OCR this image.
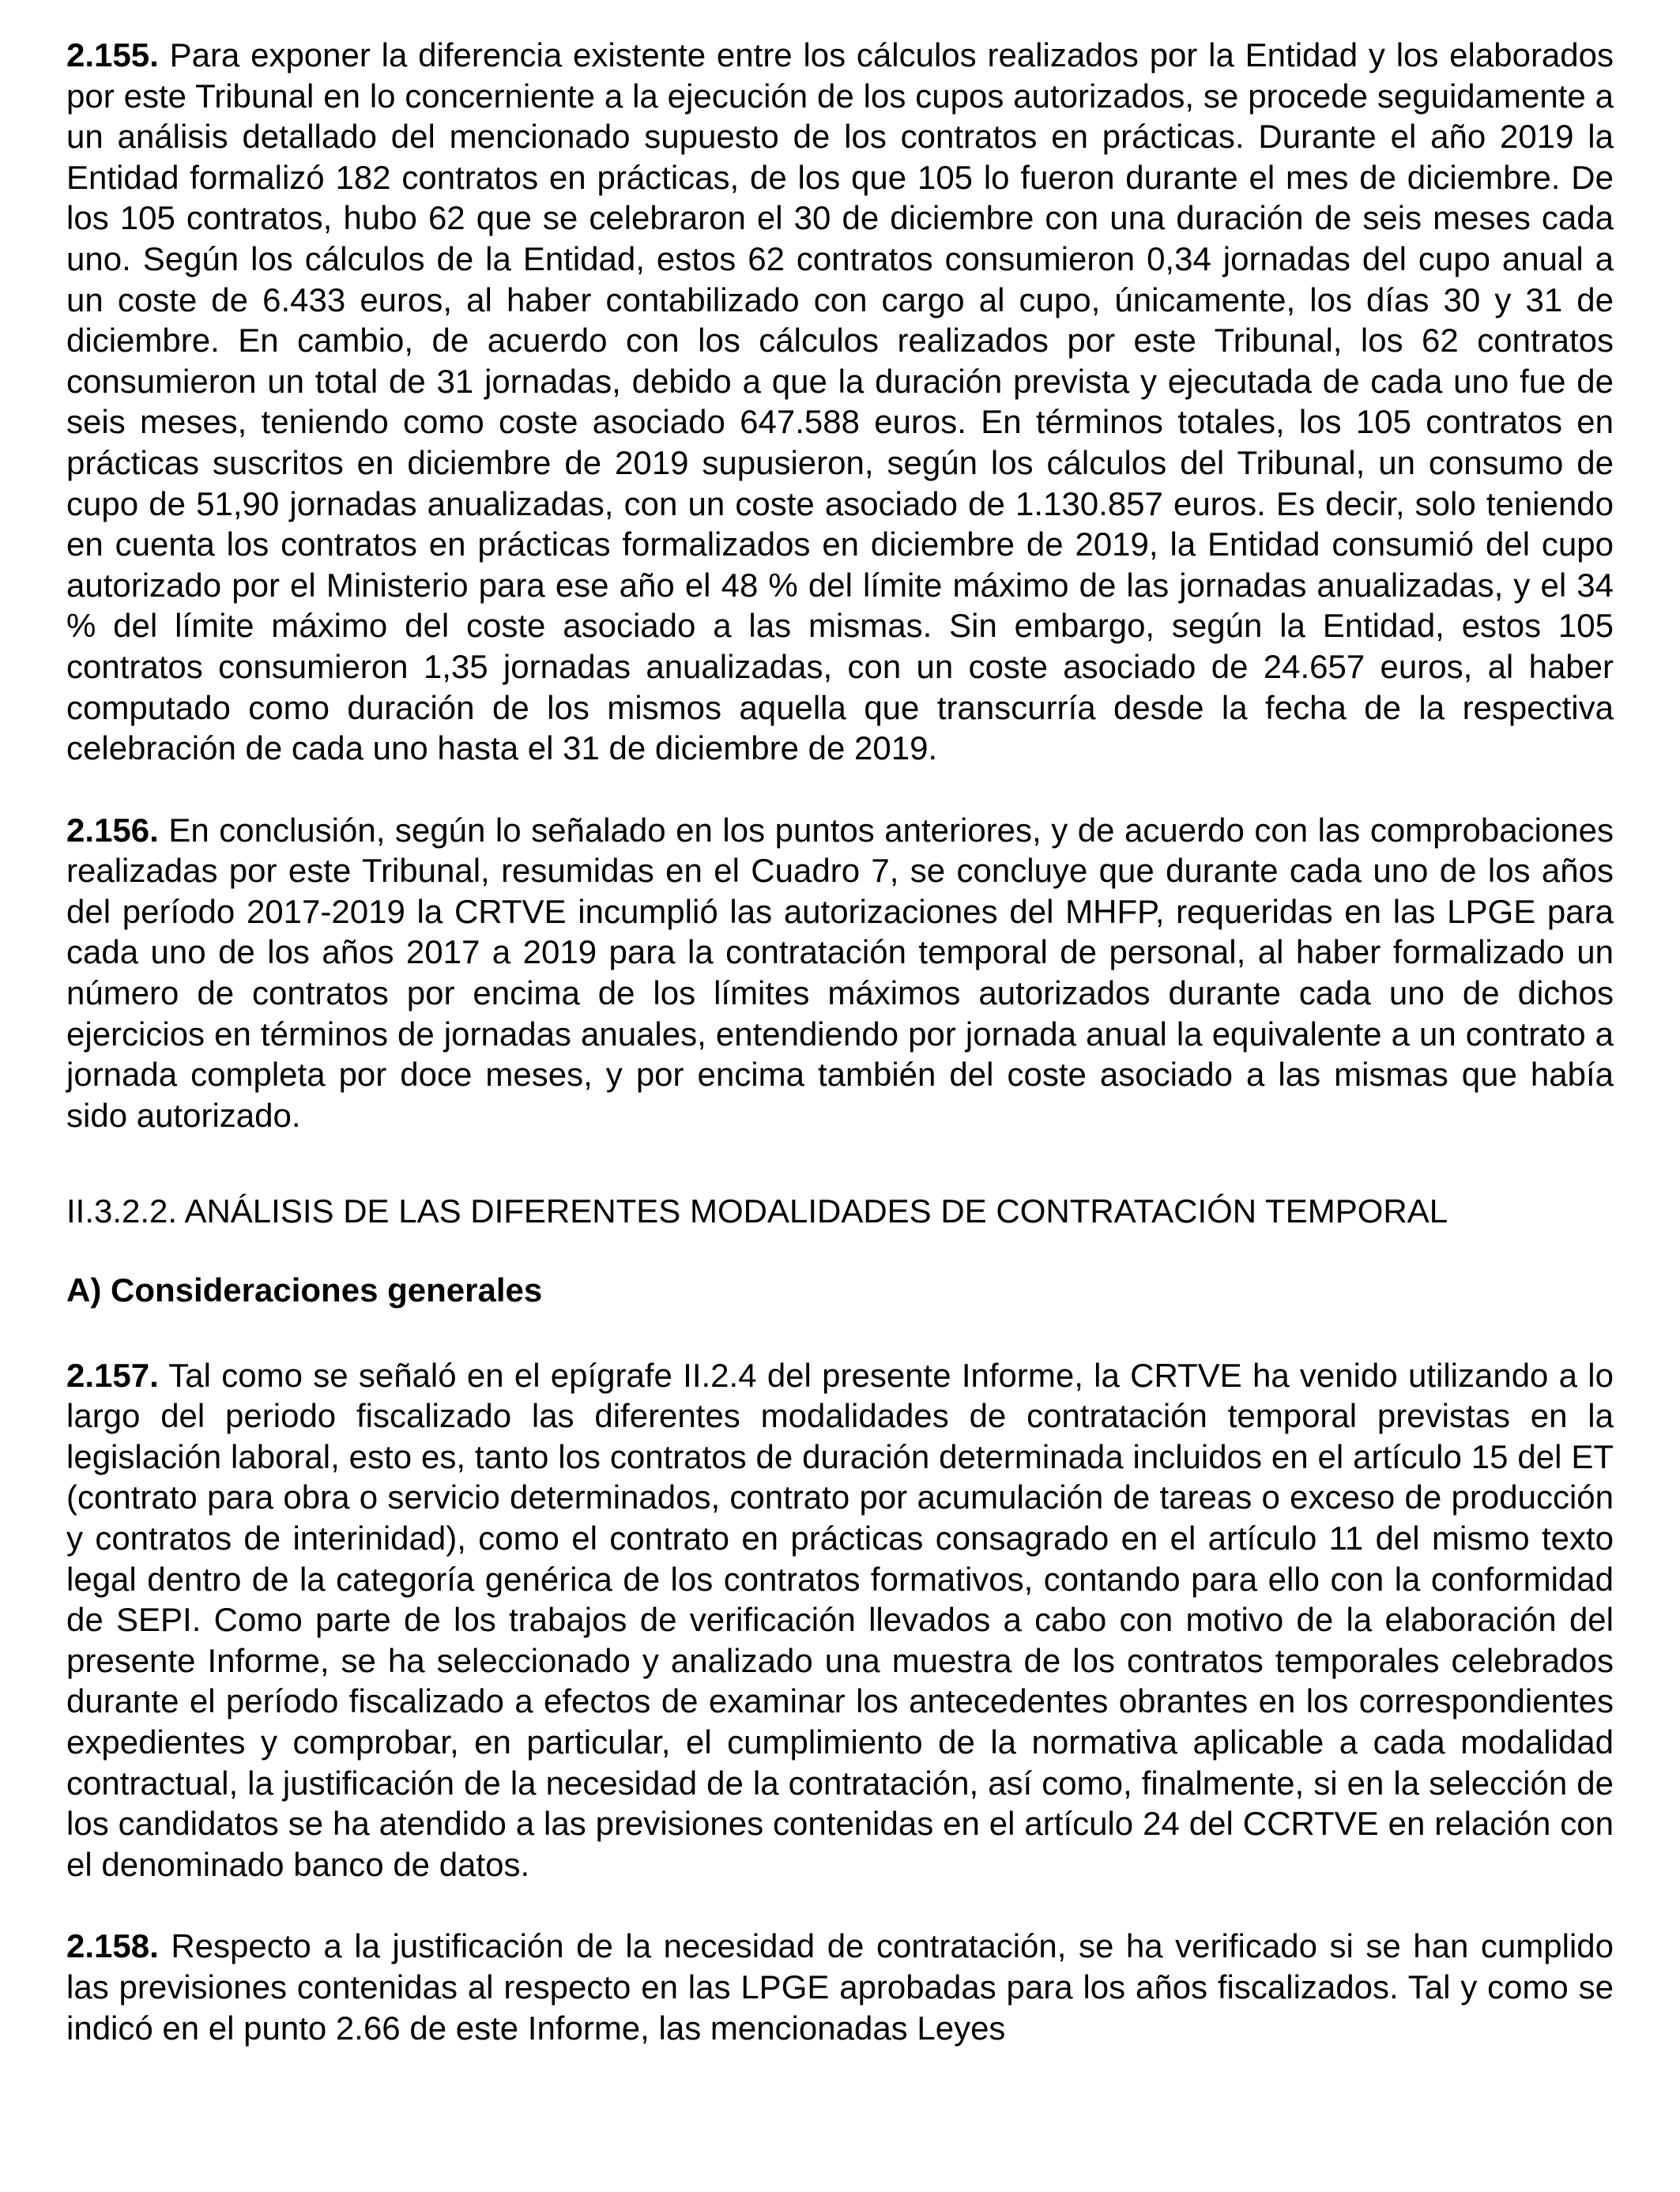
2.155. Para exponer la diferencia existente entre los cálculos realizados por la Entidad y los elaborados por este Tribunal en lo concerniente a la ejecución de los cupos autorizados, se procede seguidamente a un análisis detallado del mencionado supuesto de los contratos en prácticas. Durante el año 2019 la Entidad formalizó 182 contratos en prácticas, de los que 105 lo fueron durante el mes de diciembre. De los 105 contratos, hubo 62 que se celebraron el 30 de diciembre con una duración de seis meses cada uno. Según los cálculos de la Entidad, estos 62 contratos consumieron 0,34 jornadas del cupo anual a un coste de 6.433 euros, al haber contabilizado con cargo al cupo, únicamente, los días 30 y 31 de diciembre. En cambio, de acuerdo con los cálculos realizados por este Tribunal, los 62 contratos consumieron un total de 31 jornadas, debido a que la duración prevista y ejecutada de cada uno fue de seis meses, teniendo como coste asociado 647.588 euros. En términos totales, los 105 contratos en prácticas suscritos en diciembre de 2019 supusieron, según los cálculos del Tribunal, un consumo de cupo de 51,90 jornadas anualizadas, con un coste asociado de 1.130.857 euros. Es decir, solo teniendo en cuenta los contratos en prácticas formalizados en diciembre de 2019, la Entidad consumió del cupo autorizado por el Ministerio para ese año el 48 % del límite máximo de las jornadas anualizadas, y el 34 % del límite máximo del coste asociado a las mismas. Sin embargo, según la Entidad, estos 105 contratos consumieron 1,35 jornadas anualizadas, con un coste asociado de 24.657 euros, al haber computado como duración de los mismos aquella que transcurría desde la fecha de la respectiva celebración de cada uno hasta el 31 de diciembre de 2019.

2.156. En conclusión, según lo señalado en los puntos anteriores, y de acuerdo con las comprobaciones realizadas por este Tribunal, resumidas en el Cuadro 7, se concluye que durante cada uno de los años del período 2017-2019 la CRTVE incumplió las autorizaciones del MHFP, requeridas en las LPGE para cada uno de los años 2017 a 2019 para la contratación temporal de personal, al haber formalizado un número de contratos por encima de los límites máximos autorizados durante cada uno de dichos ejercicios en términos de jornadas anuales, entendiendo por jornada anual la equivalente a un contrato a jornada completa por doce meses, y por encima también del coste asociado a las mismas que había sido autorizado.

II.3.2.2. ANÁLISIS DE LAS DIFERENTES MODALIDADES DE CONTRATACIÓN TEMPORAL
A) Consideraciones generales

2.157. Tal como se señaló en el epígrafe II.2.4 del presente Informe, la CRTVE ha venido utilizando a lo largo del periodo fiscalizado las diferentes modalidades de contratación temporal previstas en la legislación laboral, esto es, tanto los contratos de duración determinada incluidos en el artículo 15 del ET (contrato para obra o servicio determinados, contrato por acumulación de tareas o exceso de producción y contratos de interinidad), como el contrato en prácticas consagrado en el artículo 11 del mismo texto legal dentro de la categoría genérica de los contratos formativos, contando para ello con la conformidad de SEPI. Como parte de los trabajos de verificación llevados a cabo con motivo de la elaboración del presente Informe, se ha seleccionado y analizado una muestra de los contratos temporales celebrados durante el período fiscalizado a efectos de examinar los antecedentes obrantes en los correspondientes expedientes y comprobar, en particular, el cumplimiento de la normativa aplicable a cada modalidad contractual, la justificación de la necesidad de la contratación, así como, finalmente, si en la selección de los candidatos se ha atendido a las previsiones contenidas en el artículo 24 del CCRTVE en relación con el denominado banco de datos.

2.158. Respecto a la justificación de la necesidad de contratación, se ha verificado si se han cumplido las previsiones contenidas al respecto en las LPGE aprobadas para los años fiscalizados. Tal y como se indicó en el punto 2.66 de este Informe, las mencionadas Leyes
